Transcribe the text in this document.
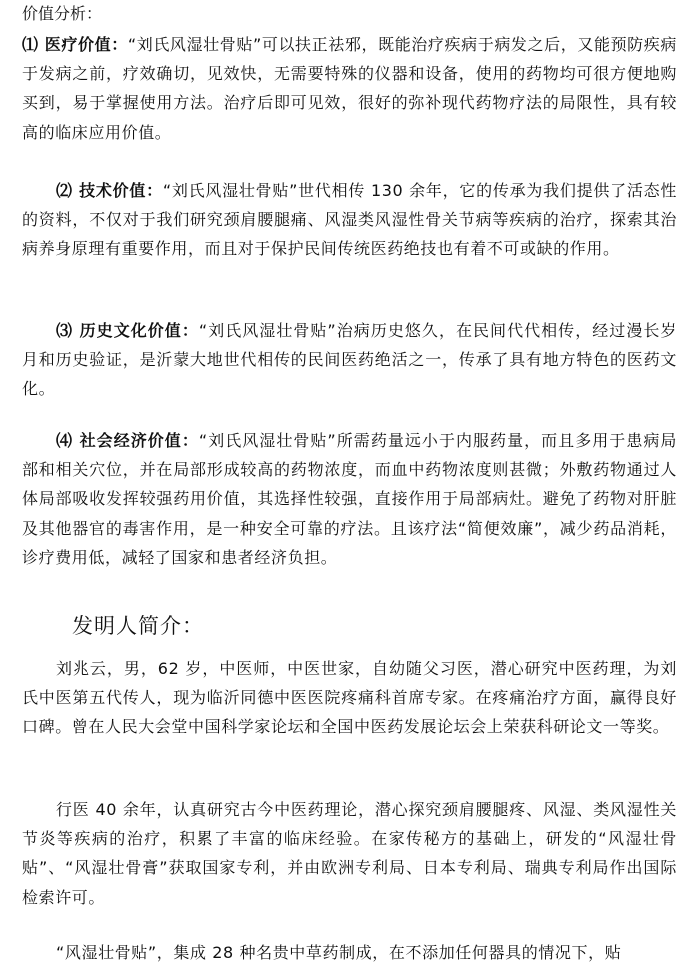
价值分析：

⑴ 医疗价值：“刘氏风湿壮骨贴”可以扶正祛邪，既能治疗疾病于病发之后，又能预防疾病于发病之前，疗效确切，见效快，无需要特殊的仪器和设备，使用的药物均可很方便地购买到，易于掌握使用方法。治疗后即可见效，很好的弥补现代药物疗法的局限性，具有较高的临床应用价值。

⑵ 技术价值：“刘氏风湿壮骨贴”世代相传 130 余年，它的传承为我们提供了活态性的资料，不仅对于我们研究颈肩腰腿痛、风湿类风湿性骨关节病等疾病的治疗，探索其治病养身原理有重要作用，而且对于保护民间传统医药绝技也有着不可或缺的作用。

⑶ 历史文化价值：“刘氏风湿壮骨贴”治病历史悠久，在民间代代相传，经过漫长岁月和历史验证，是沂蒙大地世代相传的民间医药绝活之一，传承了具有地方特色的医药文化。

⑷ 社会经济价值：“刘氏风湿壮骨贴”所需药量远小于内服药量，而且多用于患病局部和相关穴位，并在局部形成较高的药物浓度，而血中药物浓度则甚微；外敷药物通过人体局部吸收发挥较强药用价值，其选择性较强，直接作用于局部病灶。避免了药物对肝脏及其他器官的毒害作用，是一种安全可靠的疗法。且该疗法“简便效廉”，减少药品消耗，诊疗费用低，减轻了国家和患者经济负担。

发明人简介：

刘兆云，男，62 岁，中医师，中医世家，自幼随父习医，潜心研究中医药理，为刘氏中医第五代传人，现为临沂同德中医医院疼痛科首席专家。在疼痛治疗方面，赢得良好口碑。曾在人民大会堂中国科学家论坛和全国中医药发展论坛会上荣获科研论文一等奖。

行医 40 余年，认真研究古今中医药理论，潜心探究颈肩腰腿疼、风湿、类风湿性关节炎等疾病的治疗，积累了丰富的临床经验。在家传秘方的基础上，研发的“风湿壮骨贴”、“风湿壮骨膏”获取国家专利，并由欧洲专利局、日本专利局、瑞典专利局作出国际检索许可。

“风湿壮骨贴”，集成 28 种名贵中草药制成，在不添加任何器具的情况下，贴
